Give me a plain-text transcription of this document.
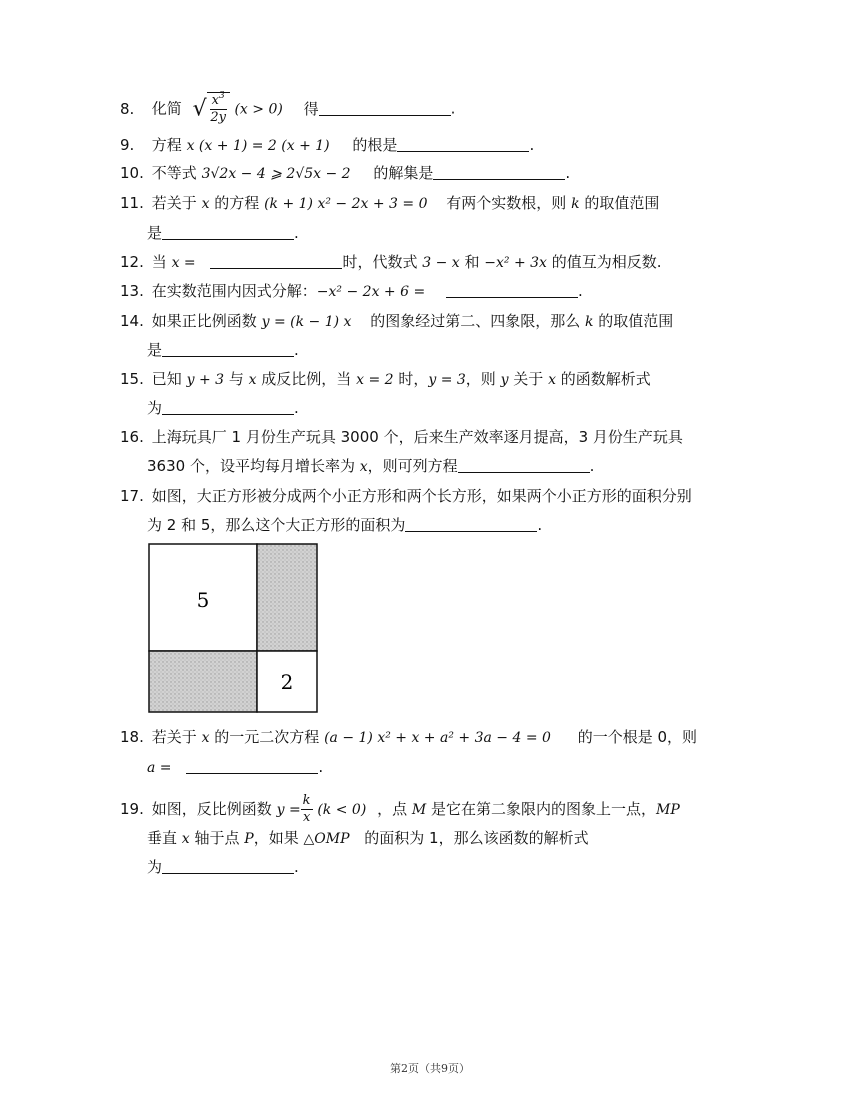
8. 化简 √ $\frac{x^3}{2y} (x > 0)$ 得	.
9. 方程 x (x + 1) = 2 (x + 1) 的根是	.
10. 不等式 3√2x − 4 ⩾ 2√5x − 2 的解集是	.
11. 若关于 x 的方程 (k + 1) x² − 2x + 3 = 0 有两个实数根，则 k 的取值范围
是	.
12. 当 x =	时，代数式 3 − x 和 −x² + 3x 的值互为相反数.
13. 在实数范围内因式分解：−x² − 2x + 6 =	.
14. 如果正比例函数 y = (k − 1) x 的图象经过第二、四象限，那么 k 的取值范围
是	.
15. 已知 y + 3 与 x 成反比例，当 x = 2 时，y = 3，则 y 关于 x 的函数解析式
为	.
16. 上海玩具厂 1 月份生产玩具 3000 个，后来生产效率逐月提高，3 月份生产玩具
3630 个，设平均每月增长率为 x，则可列方程	.
17. 如图，大正方形被分成两个小正方形和两个长方形，如果两个小正方形的面积分别
为 2 和 5，那么这个大正方形的面积为	.
5
2
18. 若关于 x 的一元二次方程 (a − 1) x² + x + a² + 3a − 4 = 0 的一个根是 0，则
a =	.
19. 如图，反比例函数 $y = \frac{k}{x} (k < 0)$ ，点 M 是它在第二象限内的图象上一点，MP
垂直 x 轴于点 P，如果 △OMP 的面积为 1，那么该函数的解析式
为	.
第2页（共9页）
